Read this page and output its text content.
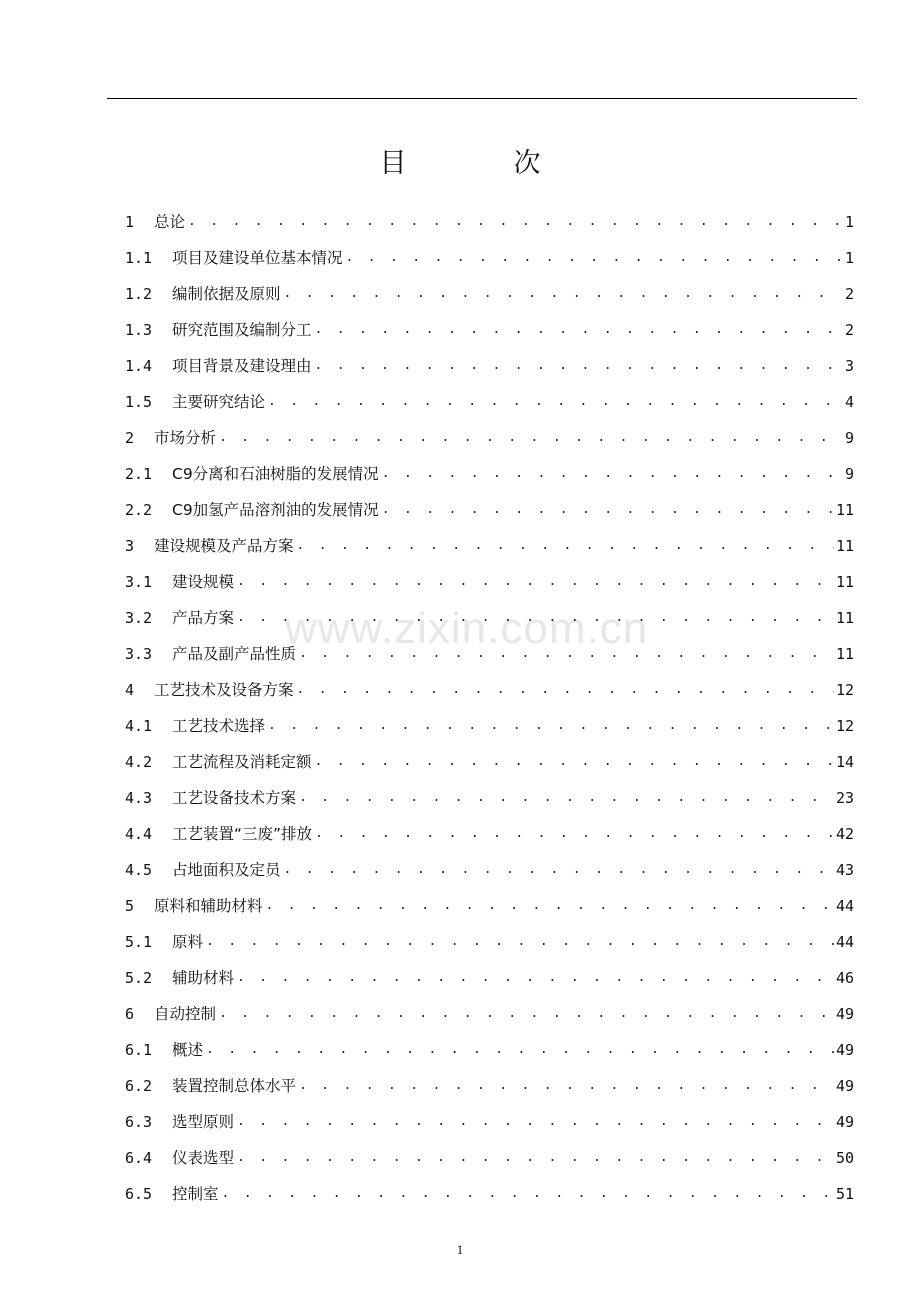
目　次
www.zixin.com.cn
1	总论 . . .	1
1.1	项目及建设单位基本情况 . . .	1
1.2	编制依据及原则 . . .	2
1.3	研究范围及编制分工 . . .	2
1.4	项目背景及建设理由 . . .	3
1.5	主要研究结论 . . .	4
2	市场分析 . . .	9
2.1	C9分离和石油树脂的发展情况 . . .	9
2.2	C9加氢产品溶剂油的发展情况 . . .	11
3	建设规模及产品方案 . . .	11
3.1	建设规模 . . .	11
3.2	产品方案 . . .	11
3.3	产品及副产品性质 . . .	11
4	工艺技术及设备方案 . . .	12
4.1	工艺技术选择 . . .	12
4.2	工艺流程及消耗定额 . . .	14
4.3	工艺设备技术方案 . . .	23
4.4	工艺装置“三废”排放 . . .	42
4.5	占地面积及定员 . . .	43
5	原料和辅助材料 . . .	44
5.1	原料 . . .	44
5.2	辅助材料 . . .	46
6	自动控制 . . .	49
6.1	概述 . . .	49
6.2	装置控制总体水平 . . .	49
6.3	选型原则 . . .	49
6.4	仪表选型 . . .	50
6.5	控制室 . . .	51
1
